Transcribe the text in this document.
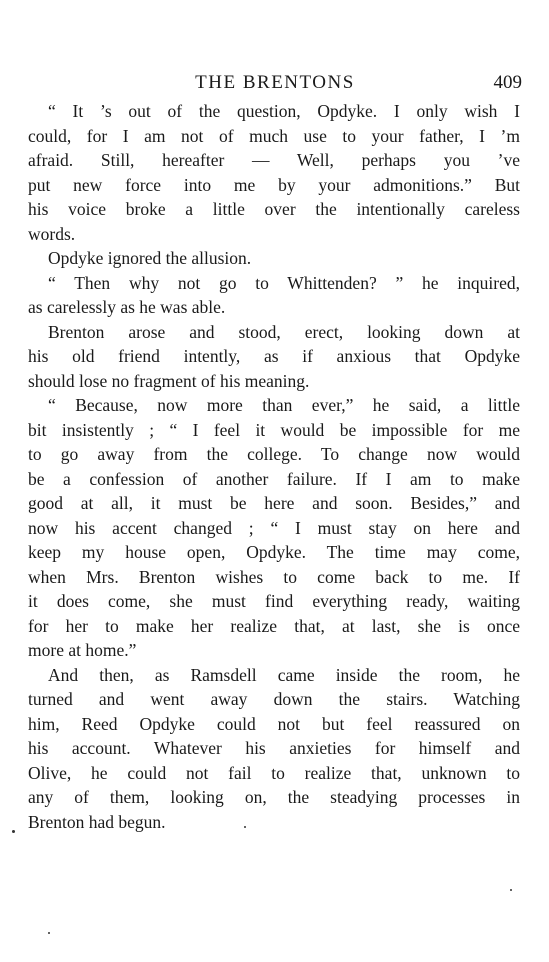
THE BRENTONS	409
“ It ’s out of the question, Opdyke. I only wish I
could, for I am not of much use to your father, I ’m
afraid. Still, hereafter — Well, perhaps you ’ve
put new force into me by your admonitions.” But
his voice broke a little over the intentionally careless
words.
Opdyke ignored the allusion.
“ Then why not go to Whittenden? ” he inquired,
as carelessly as he was able.
Brenton arose and stood, erect, looking down at
his old friend intently, as if anxious that Opdyke
should lose no fragment of his meaning.
“ Because, now more than ever,” he said, a little
bit insistently ; “ I feel it would be impossible for me
to go away from the college. To change now would
be a confession of another failure. If I am to make
good at all, it must be here and soon. Besides,” and
now his accent changed ; “ I must stay on here and
keep my house open, Opdyke. The time may come,
when Mrs. Brenton wishes to come back to me. If
it does come, she must find everything ready, waiting
for her to make her realize that, at last, she is once
more at home.”
And then, as Ramsdell came inside the room, he
turned and went away down the stairs. Watching
him, Reed Opdyke could not but feel reassured on
his account. Whatever his anxieties for himself and
Olive, he could not fail to realize that, unknown to
any of them, looking on, the steadying processes in
Brenton had begun.
